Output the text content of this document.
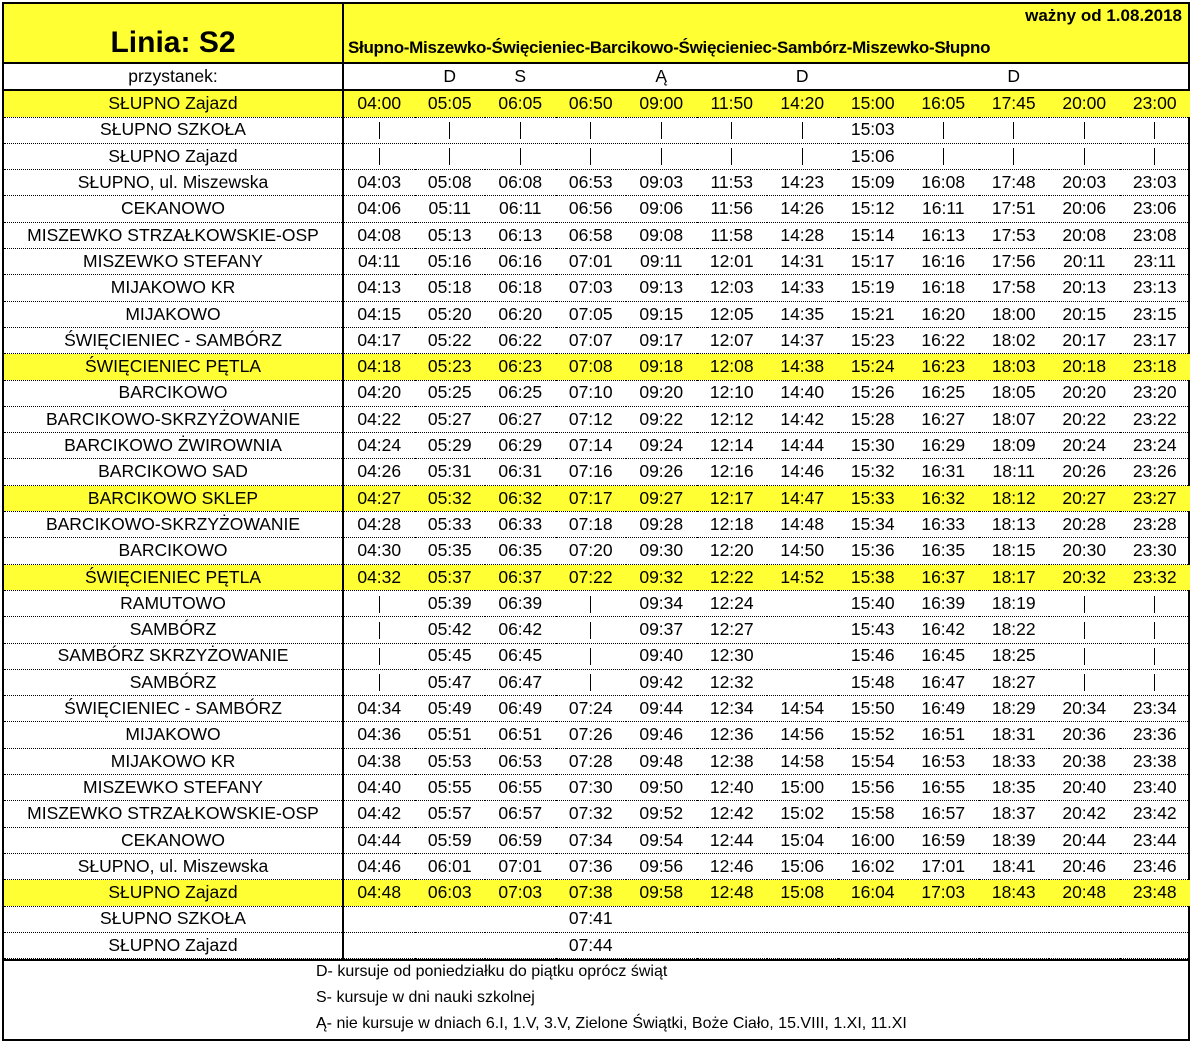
Linia: S2
ważny od 1.08.2018
Słupno-Miszewko-Święcieniec-Barcikowo-Święcieniec-Sambórz-Miszewko-Słupno
przystanek:		D	S		Ą		D			D		
SŁUPNO Zajazd	04:00	05:05	06:05	06:50	09:00	11:50	14:20	15:00	16:05	17:45	20:00	23:00
SŁUPNO SZKOŁA								15:03				
SŁUPNO Zajazd								15:06				
SŁUPNO, ul. Miszewska	04:03	05:08	06:08	06:53	09:03	11:53	14:23	15:09	16:08	17:48	20:03	23:03
CEKANOWO	04:06	05:11	06:11	06:56	09:06	11:56	14:26	15:12	16:11	17:51	20:06	23:06
MISZEWKO STRZAŁKOWSKIE-OSP	04:08	05:13	06:13	06:58	09:08	11:58	14:28	15:14	16:13	17:53	20:08	23:08
MISZEWKO STEFANY	04:11	05:16	06:16	07:01	09:11	12:01	14:31	15:17	16:16	17:56	20:11	23:11
MIJAKOWO KR	04:13	05:18	06:18	07:03	09:13	12:03	14:33	15:19	16:18	17:58	20:13	23:13
MIJAKOWO	04:15	05:20	06:20	07:05	09:15	12:05	14:35	15:21	16:20	18:00	20:15	23:15
ŚWIĘCIENIEC - SAMBÓRZ	04:17	05:22	06:22	07:07	09:17	12:07	14:37	15:23	16:22	18:02	20:17	23:17
ŚWIĘCIENIEC PĘTLA	04:18	05:23	06:23	07:08	09:18	12:08	14:38	15:24	16:23	18:03	20:18	23:18
BARCIKOWO	04:20	05:25	06:25	07:10	09:20	12:10	14:40	15:26	16:25	18:05	20:20	23:20
BARCIKOWO-SKRZYŻOWANIE	04:22	05:27	06:27	07:12	09:22	12:12	14:42	15:28	16:27	18:07	20:22	23:22
BARCIKOWO ŻWIROWNIA	04:24	05:29	06:29	07:14	09:24	12:14	14:44	15:30	16:29	18:09	20:24	23:24
BARCIKOWO SAD	04:26	05:31	06:31	07:16	09:26	12:16	14:46	15:32	16:31	18:11	20:26	23:26
BARCIKOWO SKLEP	04:27	05:32	06:32	07:17	09:27	12:17	14:47	15:33	16:32	18:12	20:27	23:27
BARCIKOWO-SKRZYŻOWANIE	04:28	05:33	06:33	07:18	09:28	12:18	14:48	15:34	16:33	18:13	20:28	23:28
BARCIKOWO	04:30	05:35	06:35	07:20	09:30	12:20	14:50	15:36	16:35	18:15	20:30	23:30
ŚWIĘCIENIEC PĘTLA	04:32	05:37	06:37	07:22	09:32	12:22	14:52	15:38	16:37	18:17	20:32	23:32
RAMUTOWO		05:39	06:39		09:34	12:24		15:40	16:39	18:19		
SAMBÓRZ		05:42	06:42		09:37	12:27		15:43	16:42	18:22		
SAMBÓRZ SKRZYŻOWANIE		05:45	06:45		09:40	12:30		15:46	16:45	18:25		
SAMBÓRZ		05:47	06:47		09:42	12:32		15:48	16:47	18:27		
ŚWIĘCIENIEC - SAMBÓRZ	04:34	05:49	06:49	07:24	09:44	12:34	14:54	15:50	16:49	18:29	20:34	23:34
MIJAKOWO	04:36	05:51	06:51	07:26	09:46	12:36	14:56	15:52	16:51	18:31	20:36	23:36
MIJAKOWO KR	04:38	05:53	06:53	07:28	09:48	12:38	14:58	15:54	16:53	18:33	20:38	23:38
MISZEWKO STEFANY	04:40	05:55	06:55	07:30	09:50	12:40	15:00	15:56	16:55	18:35	20:40	23:40
MISZEWKO STRZAŁKOWSKIE-OSP	04:42	05:57	06:57	07:32	09:52	12:42	15:02	15:58	16:57	18:37	20:42	23:42
CEKANOWO	04:44	05:59	06:59	07:34	09:54	12:44	15:04	16:00	16:59	18:39	20:44	23:44
SŁUPNO, ul. Miszewska	04:46	06:01	07:01	07:36	09:56	12:46	15:06	16:02	17:01	18:41	20:46	23:46
SŁUPNO Zajazd	04:48	06:03	07:03	07:38	09:58	12:48	15:08	16:04	17:03	18:43	20:48	23:48
SŁUPNO SZKOŁA				07:41								
SŁUPNO Zajazd				07:44								
D- kursuje od poniedziałku do piątku oprócz świąt
S- kursuje w dni nauki szkolnej
Ą- nie kursuje w dniach 6.I, 1.V, 3.V, Zielone Świątki, Boże Ciało, 15.VIII, 1.XI, 11.XI
